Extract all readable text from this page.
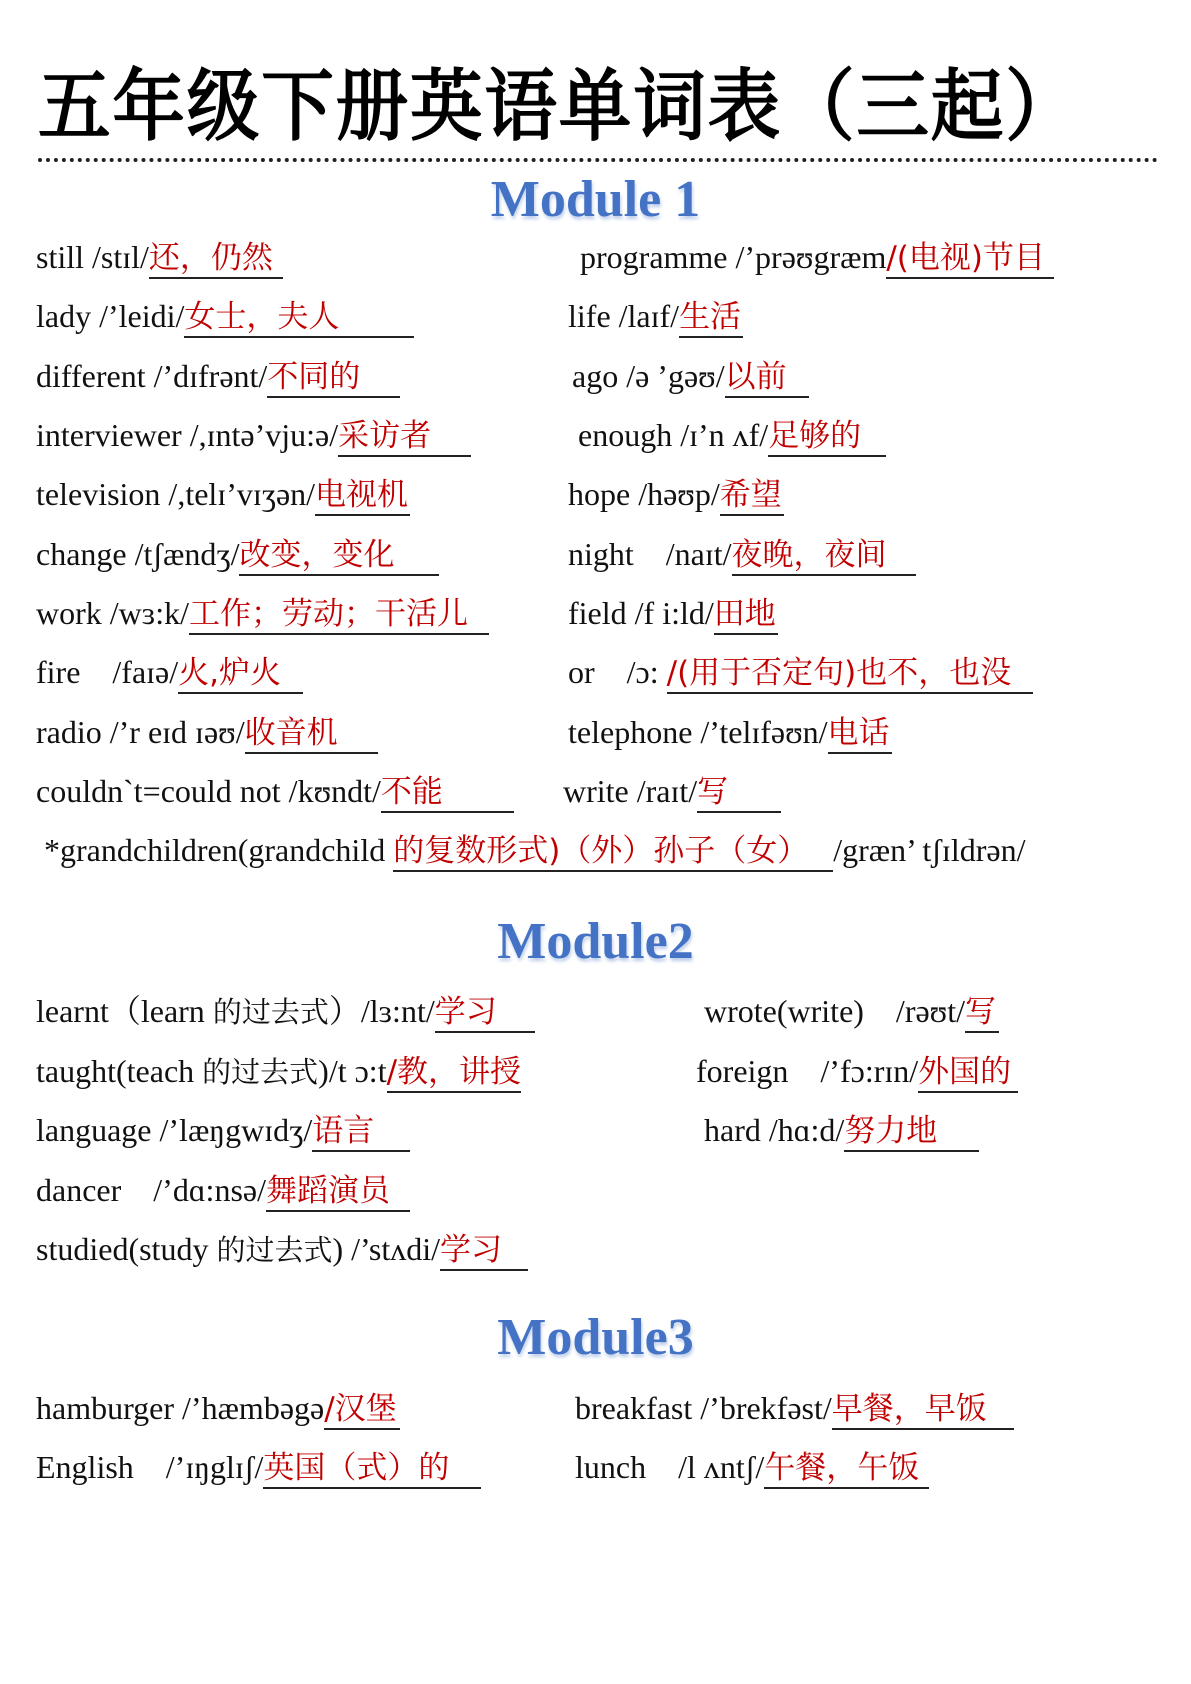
五年级下册英语单词表（三起）
Module 1
still /stɪl/还，仍然
lady /’leidi/女士，夫人
different /’dɪfrənt/不同的
interviewer /,ɪntə’vju:ə/采访者
television /,telɪ’vɪʒən/电视机
change /tʃændʒ/改变，变化
work /wɜ:k/工作；劳动；干活儿
fire    /faɪə/火,炉火
radio /’r eɪd ɪəʊ/收音机
couldn`t=could not /kʊndt/不能
programme /’prəʊgræm/(电视)节目
life /laɪf/生活
ago /ə ’gəʊ/以前
enough /ɪ’n ʌf/足够的
hope /həʊp/希望
night    /naɪt/夜晚，夜间
field /f i:ld/田地
or    /ɔ: /(用于否定句)也不，也没
telephone /’telɪfəʊn/电话
write /raɪt/写
*grandchildren(grandchild 的复数形式)（外）孙子（女） /græn’ tʃɪldrən/
Module2
learnt（learn 的过去式）/lɜ:nt/学习
taught(teach 的过去式)/t ɔ:t/教，讲授
language /’læŋgwɪdʒ/语言
dancer    /’dɑ:nsə/舞蹈演员
studied(study 的过去式) /’stʌdi/学习
wrote(write)    /rəʊt/写
foreign    /’fɔ:rɪn/外国的
hard /hɑ:d/努力地
Module3
hamburger /’hæmbəgə/汉堡
English    /’ɪŋglɪʃ/英国（式）的
breakfast /’brekfəst/早餐，早饭
lunch    /l ʌntʃ/午餐，午饭
